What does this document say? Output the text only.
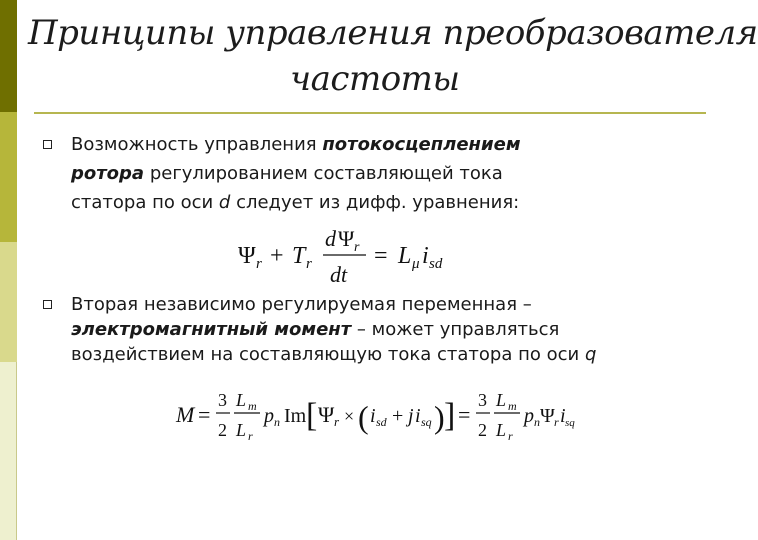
Принципы управления преобразователя
частоты
Возможность управления потокосцеплением
ротора регулированием составляющей тока
статора по оси d следует из дифф. уравнения:
Ψ r + T r
d Ψ r
dt
= L μ i sd
Вторая независимо регулируемая переменная –
электромагнитный момент – может управляться
воздействием на составляющую тока статора по оси q
M =
3
2
L m
L r
p n Im [ Ψ r × ( i sd + j i sq ) ] =
3
2
L m
L r
p n Ψ r i sq
